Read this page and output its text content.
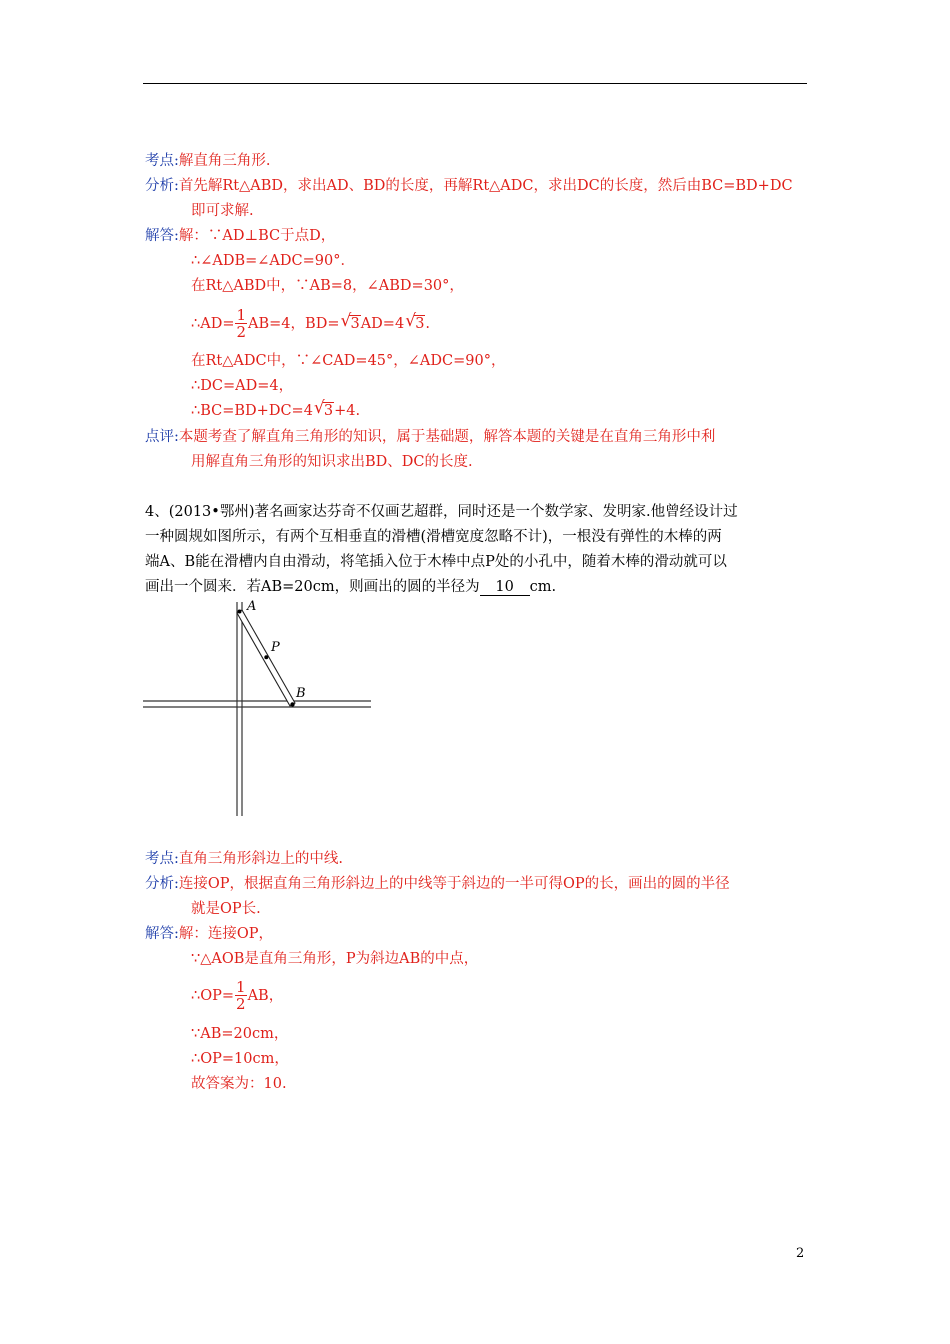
考点:解直角三角形.
分析:首先解Rt△ABD，求出AD、BD的长度，再解Rt△ADC，求出DC的长度，然后由BC=BD+DC
即可求解.
解答:解：∵AD⊥BC于点D，
∴∠ADB=∠ADC=90°．
在Rt△ABD中，∵AB=8，∠ABD=30°，
∴AD= $\frac{1}{2} AB=4$，BD= √ 3AD=4 √ 3.
在Rt△ADC中，∵∠CAD=45°，∠ADC=90°，
∴DC=AD=4，
∴BC=BD+DC=4 √ 3+4.
点评:本题考查了解直角三角形的知识，属于基础题，解答本题的关键是在直角三角形中利
用解直角三角形的知识求出BD、DC的长度.
4、(2013•鄂州)著名画家达芬奇不仅画艺超群，同时还是一个数学家、发明家.他曾经设计过
一种圆规如图所示，有两个互相垂直的滑槽(滑槽宽度忽略不计)，一根没有弹性的木棒的两
端A、B能在滑槽内自由滑动，将笔插入位于木棒中点P处的小孔中，随着木棒的滑动就可以
画出一个圆来．若AB=20cm，则画出的圆的半径为 10 cm.
A
P
B
考点:直角三角形斜边上的中线.
分析:连接OP，根据直角三角形斜边上的中线等于斜边的一半可得OP的长，画出的圆的半径
就是OP长.
解答:解：连接OP，
∵△AOB是直角三角形，P为斜边AB的中点，
∴OP= $\frac{1}{2}$ AB，
∵AB=20cm，
∴OP=10cm，
故答案为：10.
2
